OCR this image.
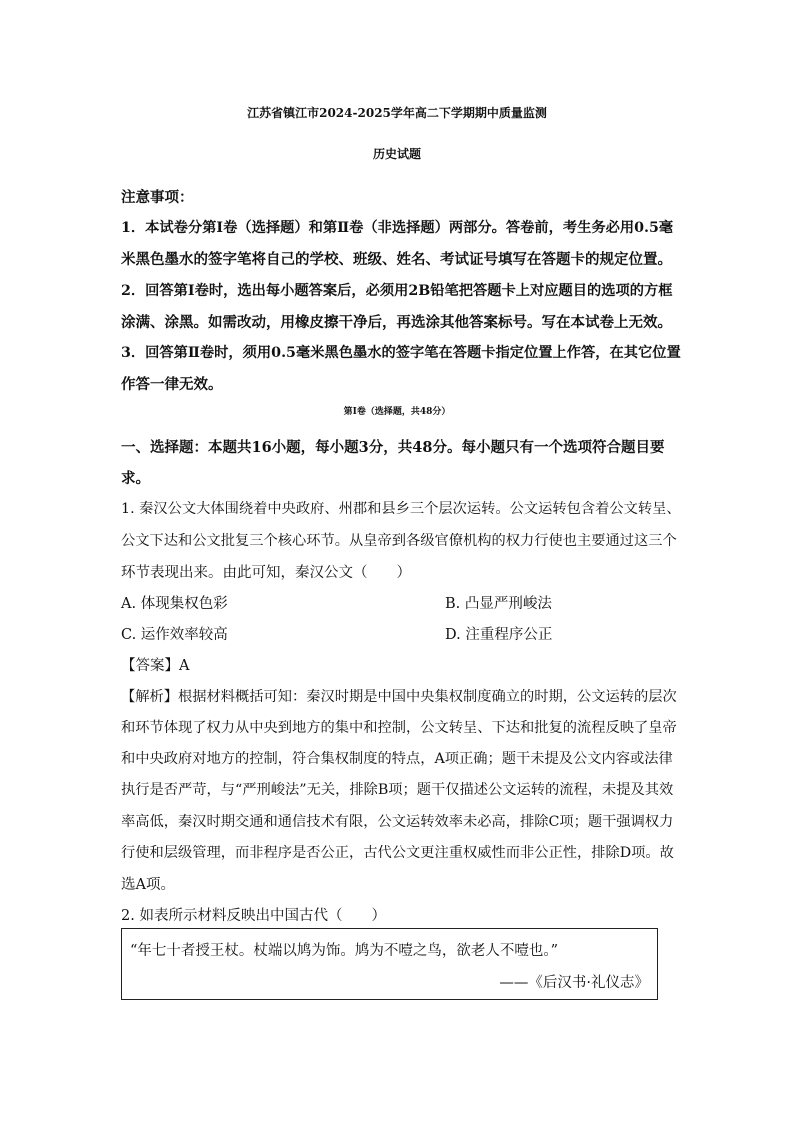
江苏省镇江市2024-2025学年高二下学期期中质量监测
历史试题
注意事项：
1．本试卷分第Ⅰ卷（选择题）和第Ⅱ卷（非选择题）两部分。答卷前，考生务必用0.5毫
米黑色墨水的签字笔将自己的学校、班级、姓名、考试证号填写在答题卡的规定位置。
2．回答第Ⅰ卷时，选出每小题答案后，必须用2B铅笔把答题卡上对应题目的选项的方框
涂满、涂黑。如需改动，用橡皮擦干净后，再选涂其他答案标号。写在本试卷上无效。
3．回答第Ⅱ卷时，须用0.5毫米黑色墨水的签字笔在答题卡指定位置上作答，在其它位置
作答一律无效。
第Ⅰ卷（选择题，共48分）
一、选择题：本题共16小题，每小题3分，共48分。每小题只有一个选项符合题目要
求。
1. 秦汉公文大体围绕着中央政府、州郡和县乡三个层次运转。公文运转包含着公文转呈、
公文下达和公文批复三个核心环节。从皇帝到各级官僚机构的权力行使也主要通过这三个
环节表现出来。由此可知，秦汉公文（　　）
A. 体现集权色彩	B. 凸显严刑峻法
C. 运作效率较高	D. 注重程序公正
【答案】A
【解析】根据材料概括可知：秦汉时期是中国中央集权制度确立的时期，公文运转的层次
和环节体现了权力从中央到地方的集中和控制，公文转呈、下达和批复的流程反映了皇帝
和中央政府对地方的控制，符合集权制度的特点，A项正确；题干未提及公文内容或法律
执行是否严苛，与“严刑峻法”无关，排除B项；题干仅描述公文运转的流程，未提及其效
率高低，秦汉时期交通和通信技术有限，公文运转效率未必高，排除C项；题干强调权力
行使和层级管理，而非程序是否公正，古代公文更注重权威性而非公正性，排除D项。故
选A项。
2. 如表所示材料反映出中国古代（　　）
“年七十者授王杖。杖端以鸠为饰。鸠为不噎之鸟，欲老人不噎也。”
——《后汉书·礼仪志》
